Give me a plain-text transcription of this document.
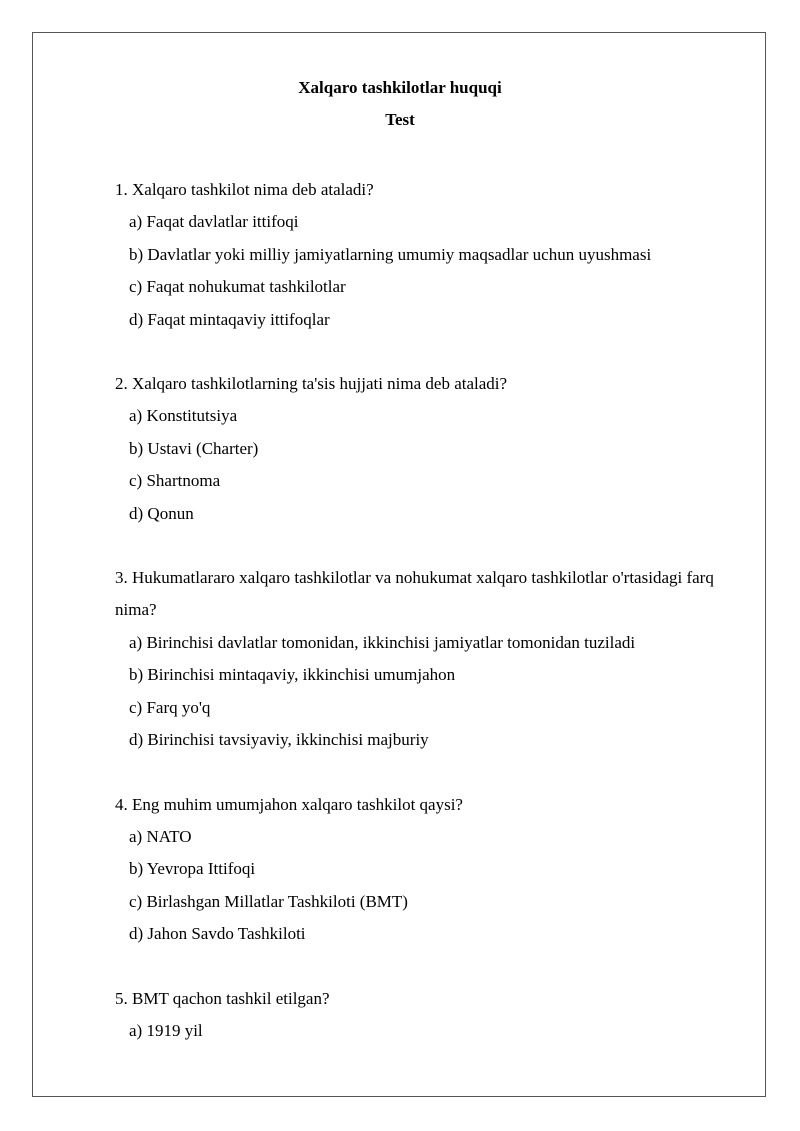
Xalqaro tashkilotlar huquqi
Test
1. Xalqaro tashkilot nima deb ataladi?
a) Faqat davlatlar ittifoqi
b) Davlatlar yoki milliy jamiyatlarning umumiy maqsadlar uchun uyushmasi
c) Faqat nohukumat tashkilotlar
d) Faqat mintaqaviy ittifoqlar
2. Xalqaro tashkilotlarning ta'sis hujjati nima deb ataladi?
a) Konstitutsiya
b) Ustavi (Charter)
c) Shartnoma
d) Qonun
3. Hukumatlararo xalqaro tashkilotlar va nohukumat xalqaro tashkilotlar o'rtasidagi farq nima?
a) Birinchisi davlatlar tomonidan, ikkinchisi jamiyatlar tomonidan tuziladi
b) Birinchisi mintaqaviy, ikkinchisi umumjahon
c) Farq yo'q
d) Birinchisi tavsiyaviy, ikkinchisi majburiy
4. Eng muhim umumjahon xalqaro tashkilot qaysi?
a) NATO
b) Yevropa Ittifoqi
c) Birlashgan Millatlar Tashkiloti (BMT)
d) Jahon Savdo Tashkiloti
5. BMT qachon tashkil etilgan?
a) 1919 yil
